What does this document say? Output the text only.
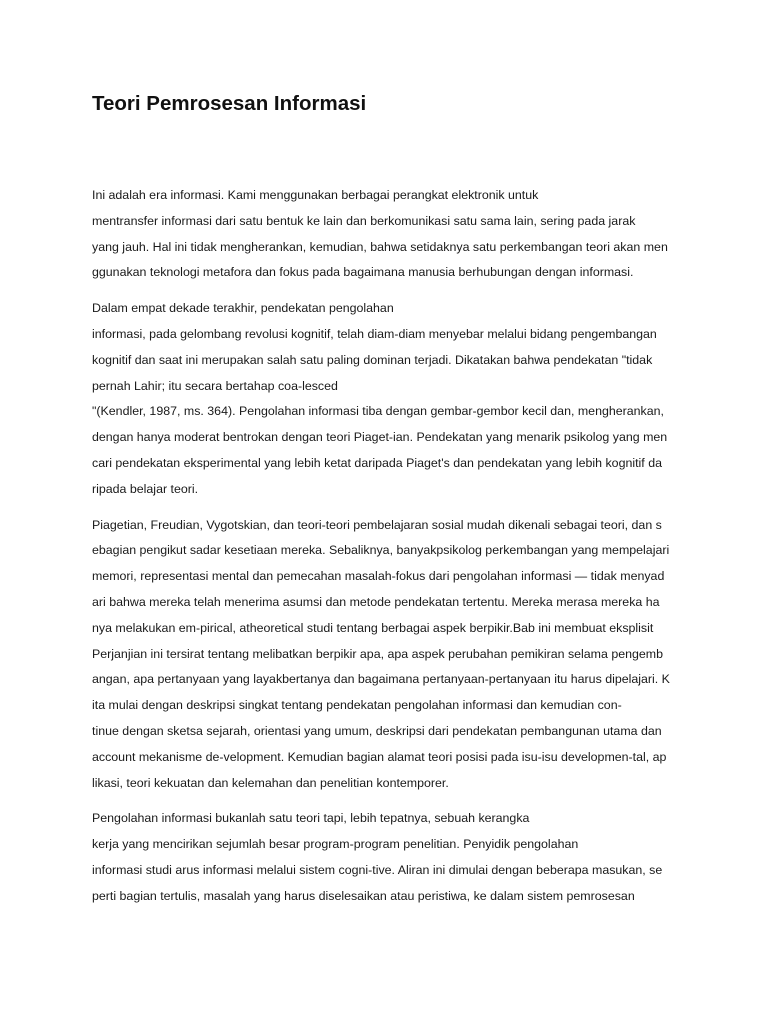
Teori Pemrosesan Informasi
Ini adalah era informasi. Kami menggunakan berbagai perangkat elektronik untuk
mentransfer informasi dari satu bentuk ke lain dan berkomunikasi satu sama lain, sering pada jarak
yang jauh. Hal ini tidak mengherankan, kemudian, bahwa setidaknya satu perkembangan teori akan men
ggunakan teknologi metafora dan fokus pada bagaimana manusia berhubungan dengan informasi.
Dalam empat dekade terakhir, pendekatan pengolahan
informasi, pada gelombang revolusi kognitif, telah diam-diam menyebar melalui bidang pengembangan
kognitif dan saat ini merupakan salah satu paling dominan terjadi. Dikatakan bahwa pendekatan "tidak
pernah Lahir; itu secara bertahap coa-lesced
"(Kendler, 1987, ms. 364). Pengolahan informasi tiba dengan gembar-gembor kecil dan, mengherankan,
dengan hanya moderat bentrokan dengan teori Piaget-ian. Pendekatan yang menarik psikolog yang men
cari pendekatan eksperimental yang lebih ketat daripada Piaget's dan pendekatan yang lebih kognitif da
ripada belajar teori.
Piagetian, Freudian, Vygotskian, dan teori-teori pembelajaran sosial mudah dikenali sebagai teori, dan s
ebagian pengikut sadar kesetiaan mereka. Sebaliknya, banyakpsikolog perkembangan yang mempelajari
memori, representasi mental dan pemecahan masalah-fokus dari pengolahan informasi — tidak menyad
ari bahwa mereka telah menerima asumsi dan metode pendekatan tertentu. Mereka merasa mereka ha
nya melakukan em-pirical, atheoretical studi tentang berbagai aspek berpikir.Bab ini membuat eksplisit
Perjanjian ini tersirat tentang melibatkan berpikir apa, apa aspek perubahan pemikiran selama pengemb
angan, apa pertanyaan yang layakbertanya dan bagaimana pertanyaan-pertanyaan itu harus dipelajari. K
ita mulai dengan deskripsi singkat tentang pendekatan pengolahan informasi dan kemudian con-
tinue dengan sketsa sejarah, orientasi yang umum, deskripsi dari pendekatan pembangunan utama dan
account mekanisme de-velopment. Kemudian bagian alamat teori posisi pada isu-isu developmen-tal, ap
likasi, teori kekuatan dan kelemahan dan penelitian kontemporer.
Pengolahan informasi bukanlah satu teori tapi, lebih tepatnya, sebuah kerangka
kerja yang mencirikan sejumlah besar program-program penelitian. Penyidik pengolahan
informasi studi arus informasi melalui sistem cogni-tive. Aliran ini dimulai dengan beberapa masukan, se
perti bagian tertulis, masalah yang harus diselesaikan atau peristiwa, ke dalam sistem pemrosesan
